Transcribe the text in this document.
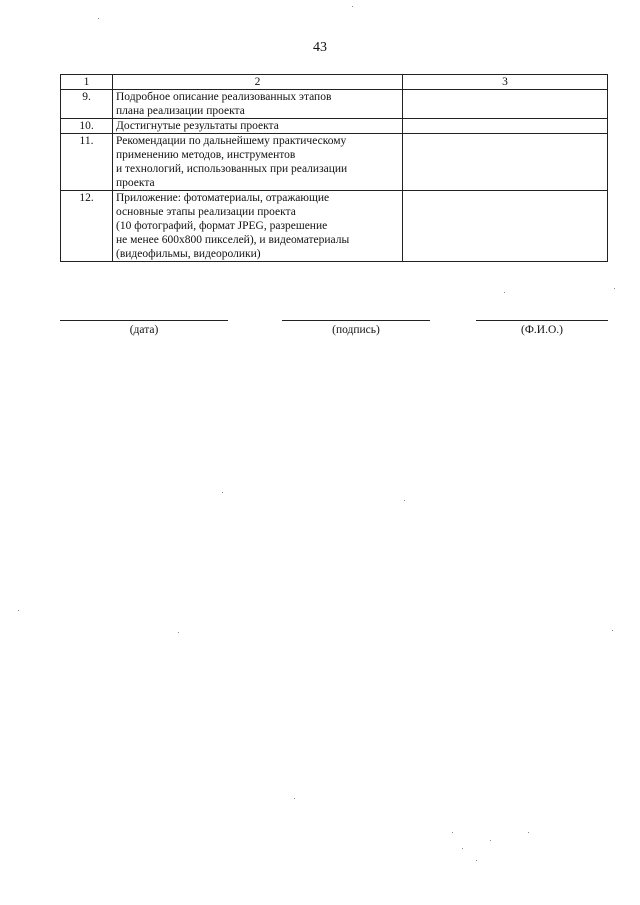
43
1	2	3
9.	Подробное описание реализованных этапов
плана реализации проекта	
10.	Достигнутые результаты проекта	
11.	Рекомендации по дальнейшему практическому
применению методов, инструментов
и технологий, использованных при реализации
проекта	
12.	Приложение: фотоматериалы, отражающие
основные этапы реализации проекта
(10 фотографий, формат JPEG, разрешение
не менее 600x800 пикселей), и видеоматериалы
(видеофильмы, видеоролики)	
(дата)	(подпись)	(Ф.И.О.)
